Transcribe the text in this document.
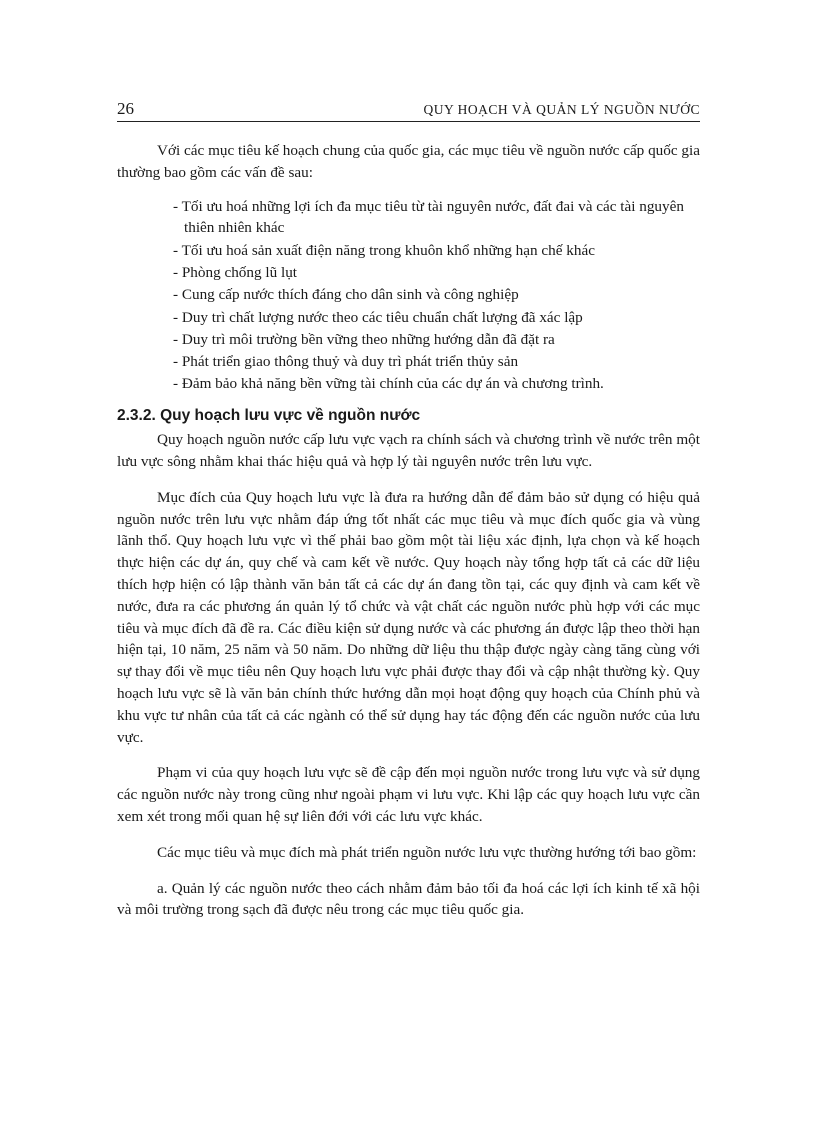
26	QUY HOẠCH VÀ QUẢN LÝ NGUỒN NƯỚC

Với các mục tiêu kế hoạch chung của quốc gia, các mục tiêu về nguồn nước cấp quốc gia thường bao gồm các vấn đề sau:

- Tối ưu hoá những lợi ích đa mục tiêu từ tài nguyên nước, đất đai và các tài nguyên thiên nhiên khác
- Tối ưu hoá sản xuất điện năng trong khuôn khổ những hạn chế khác
- Phòng chống lũ lụt
- Cung cấp nước thích đáng cho dân sinh và công nghiệp
- Duy trì chất lượng nước theo các tiêu chuẩn chất lượng đã xác lập
- Duy trì môi trường bền vững theo những hướng dẫn đã đặt ra
- Phát triển giao thông thuỷ và duy trì phát triển thủy sản
- Đảm bảo khả năng bền vững tài chính của các dự án và chương trình.
2.3.2. Quy hoạch lưu vực về nguồn nước

Quy hoạch nguồn nước cấp lưu vực vạch ra chính sách và chương trình về nước trên một lưu vực sông nhằm khai thác hiệu quả và hợp lý tài nguyên nước trên lưu vực.

Mục đích của Quy hoạch lưu vực là đưa ra hướng dẫn để đảm bảo sử dụng có hiệu quả nguồn nước trên lưu vực nhằm đáp ứng tốt nhất các mục tiêu và mục đích quốc gia và vùng lãnh thổ. Quy hoạch lưu vực vì thế phải bao gồm một tài liệu xác định, lựa chọn và kế hoạch thực hiện các dự án, quy chế và cam kết về nước. Quy hoạch này tổng hợp tất cả các dữ liệu thích hợp hiện có lập thành văn bản tất cả các dự án đang tồn tại, các quy định và cam kết về nước, đưa ra các phương án quản lý tổ chức và vật chất các nguồn nước phù hợp với các mục tiêu và mục đích đã đề ra. Các điều kiện sử dụng nước và các phương án được lập theo thời hạn hiện tại, 10 năm, 25 năm và 50 năm. Do những dữ liệu thu thập được ngày càng tăng cùng với sự thay đổi về mục tiêu nên Quy hoạch lưu vực phải được thay đổi và cập nhật thường kỳ. Quy hoạch lưu vực sẽ là văn bản chính thức hướng dẫn mọi hoạt động quy hoạch của Chính phủ và khu vực tư nhân của tất cả các ngành có thể sử dụng hay tác động đến các nguồn nước của lưu vực.

Phạm vi của quy hoạch lưu vực sẽ đề cập đến mọi nguồn nước trong lưu vực và sử dụng các nguồn nước này trong cũng như ngoài phạm vi lưu vực. Khi lập các quy hoạch lưu vực cần xem xét trong mối quan hệ sự liên đới với các lưu vực khác.

Các mục tiêu và mục đích mà phát triển nguồn nước lưu vực thường hướng tới bao gồm:

a. Quản lý các nguồn nước theo cách nhằm đảm bảo tối đa hoá các lợi ích kinh tế xã hội và môi trường trong sạch đã được nêu trong các mục tiêu quốc gia.
